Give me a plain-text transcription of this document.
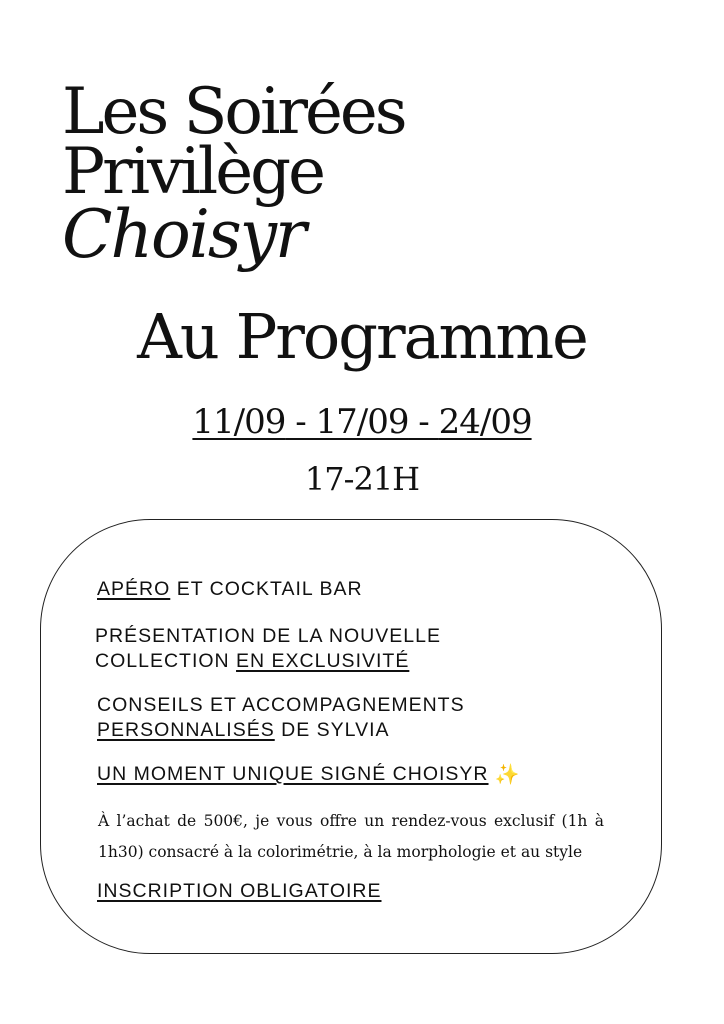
Les Soirées
Privilège
Choisyr
Au Programme
11/09 - 17/09 - 24/09
17-21H
APÉRO ET COCKTAIL BAR
PRÉSENTATION DE LA NOUVELLE
COLLECTION EN EXCLUSIVITÉ
CONSEILS ET ACCOMPAGNEMENTS
PERSONNALISÉS DE SYLVIA
UN MOMENT UNIQUE SIGNÉ CHOISYR ✨
À l’achat de 500€, je vous offre un rendez-vous exclusif (1h à 1h30) consacré à la colorimétrie, à la morphologie et au style
INSCRIPTION OBLIGATOIRE
